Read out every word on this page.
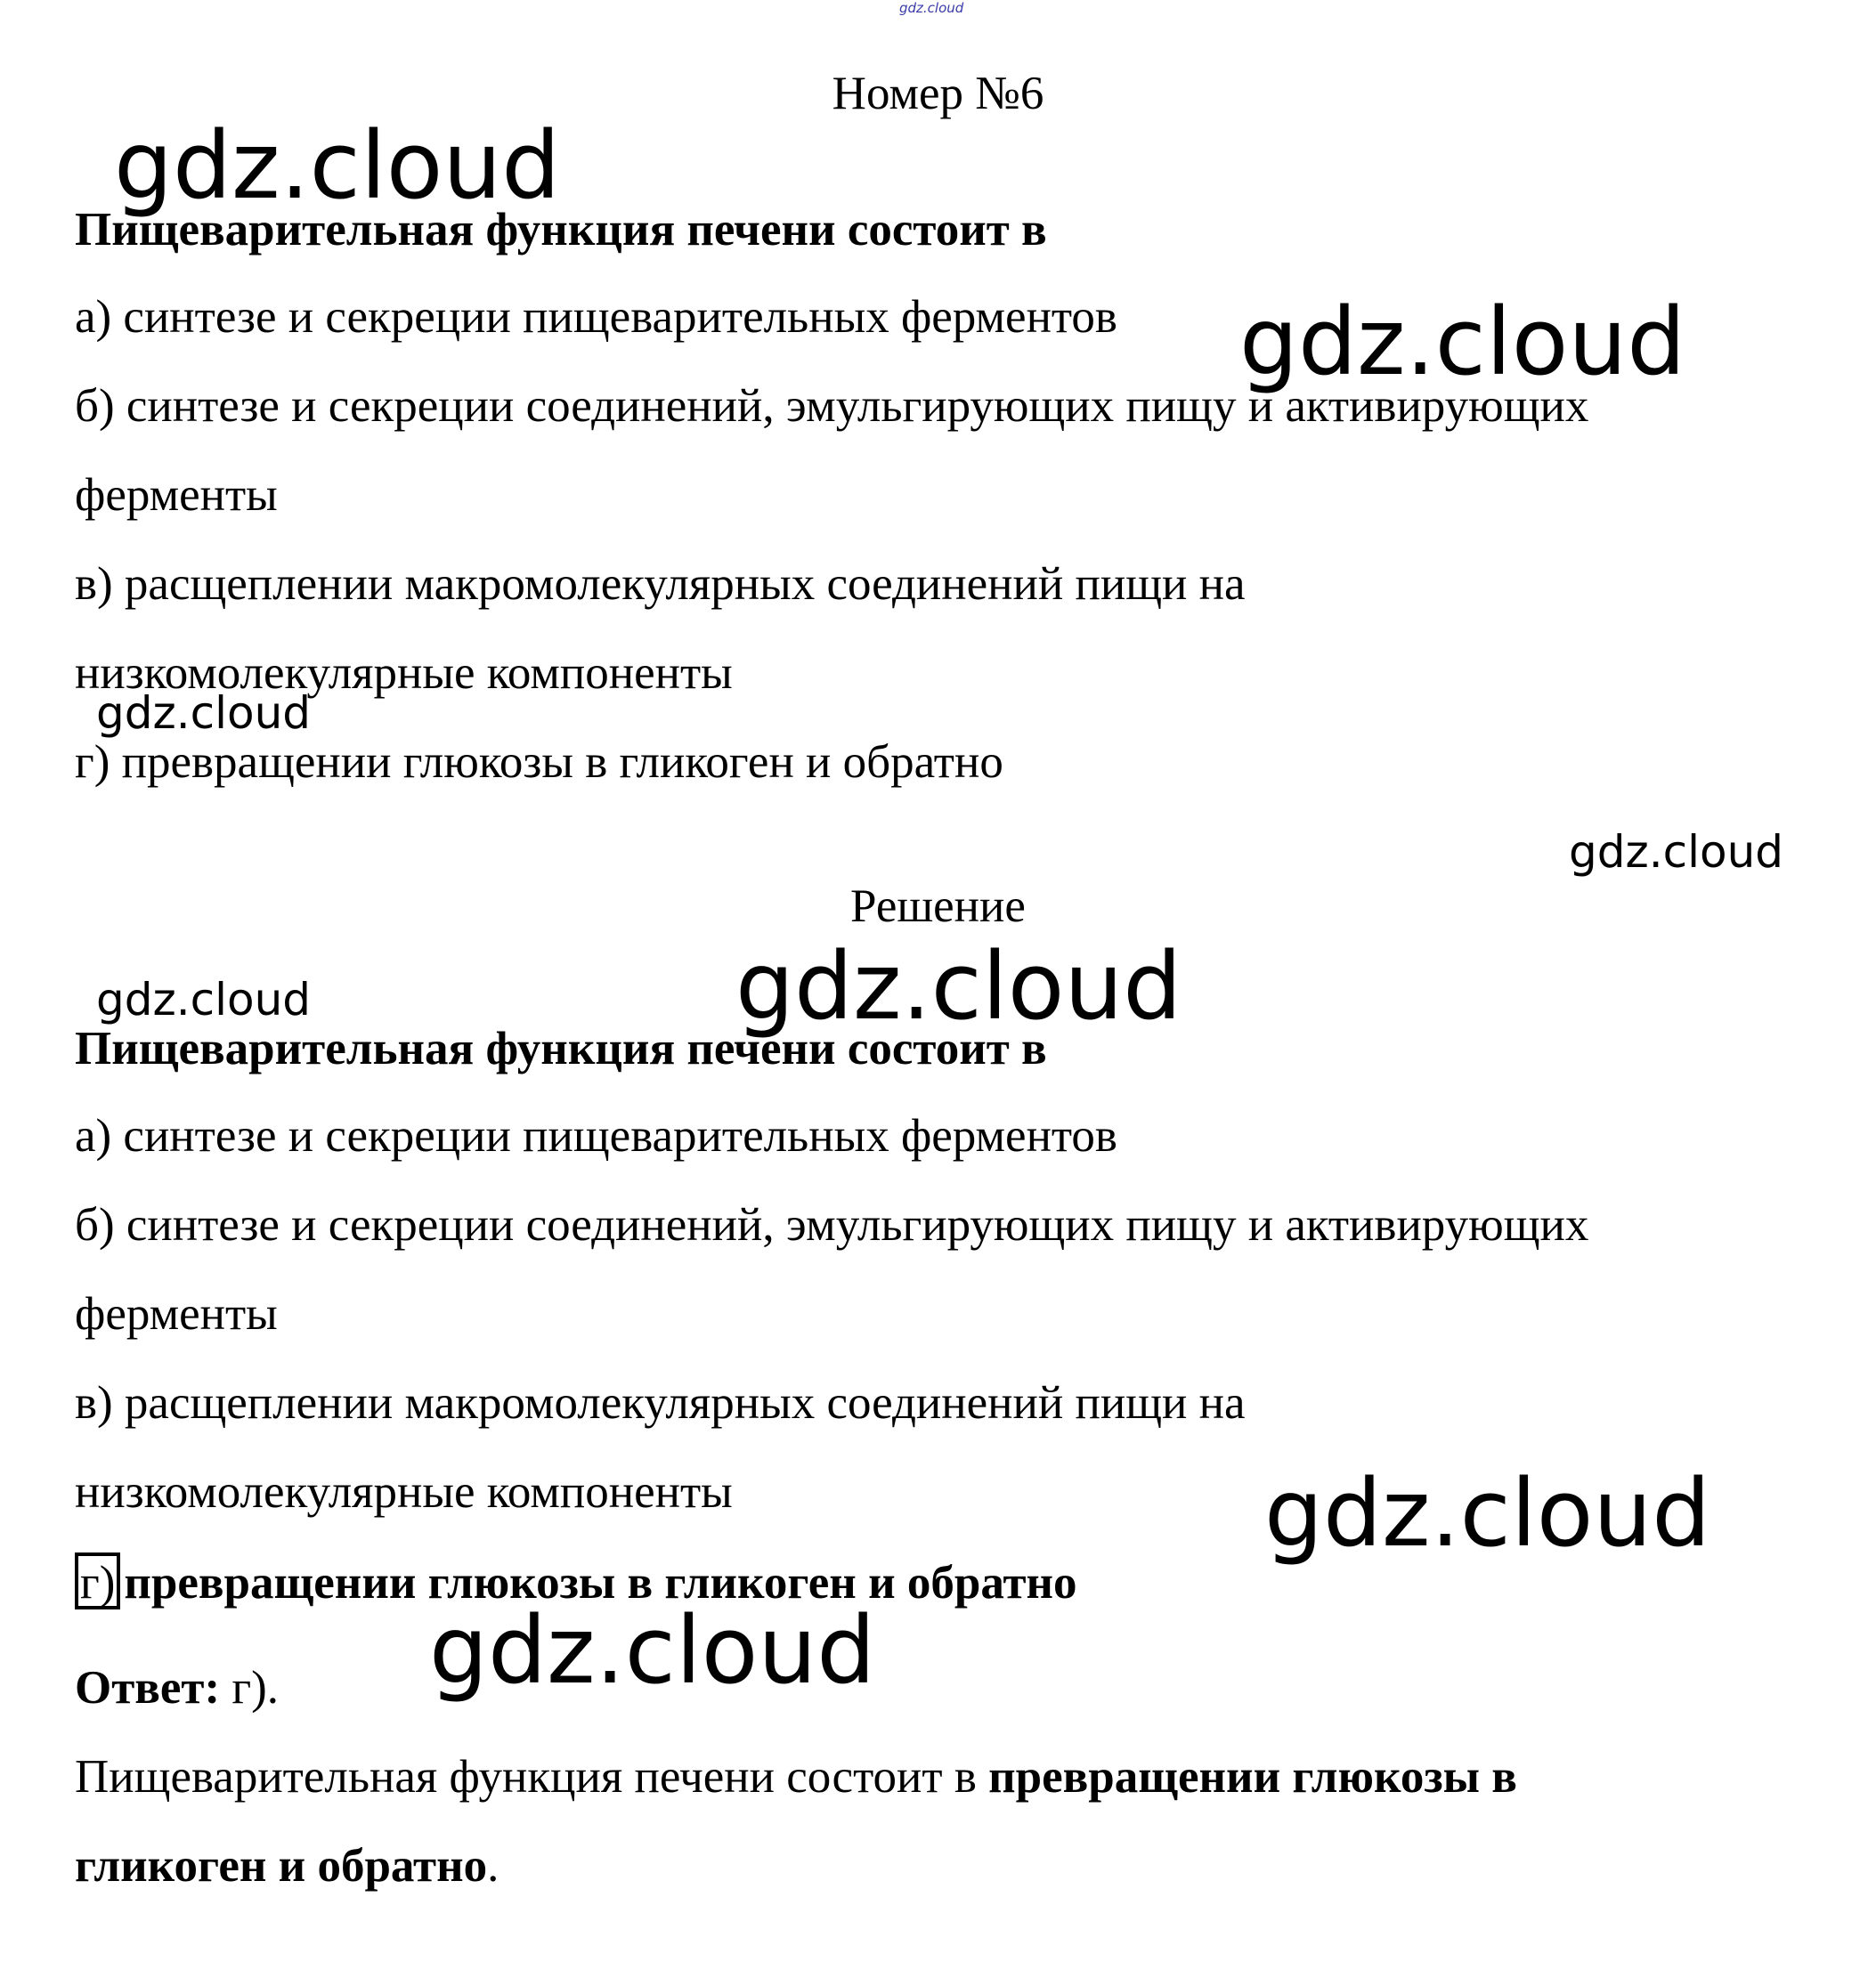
gdz.cloud
Номер №6
Пищеварительная функция печени состоит в
а) синтезе и секреции пищеварительных ферментов
б) синтезе и секреции соединений, эмульгирующих пищу и активирующих
ферменты
в) расщеплении макромолекулярных соединений пищи на
низкомолекулярные компоненты
г) превращении глюкозы в гликоген и обратно
Решение
Пищеварительная функция печени состоит в
а) синтезе и секреции пищеварительных ферментов
б) синтезе и секреции соединений, эмульгирующих пищу и активирующих
ферменты
в) расщеплении макромолекулярных соединений пищи на
низкомолекулярные компоненты
г) превращении глюкозы в гликоген и обратно
Ответ: г).
Пищеварительная функция печени состоит в превращении глюкозы в
гликоген и обратно.
gdz.cloud
gdz.cloud
gdz.cloud
gdz.cloud
gdz.cloud
gdz.cloud
gdz.cloud
gdz.cloud
